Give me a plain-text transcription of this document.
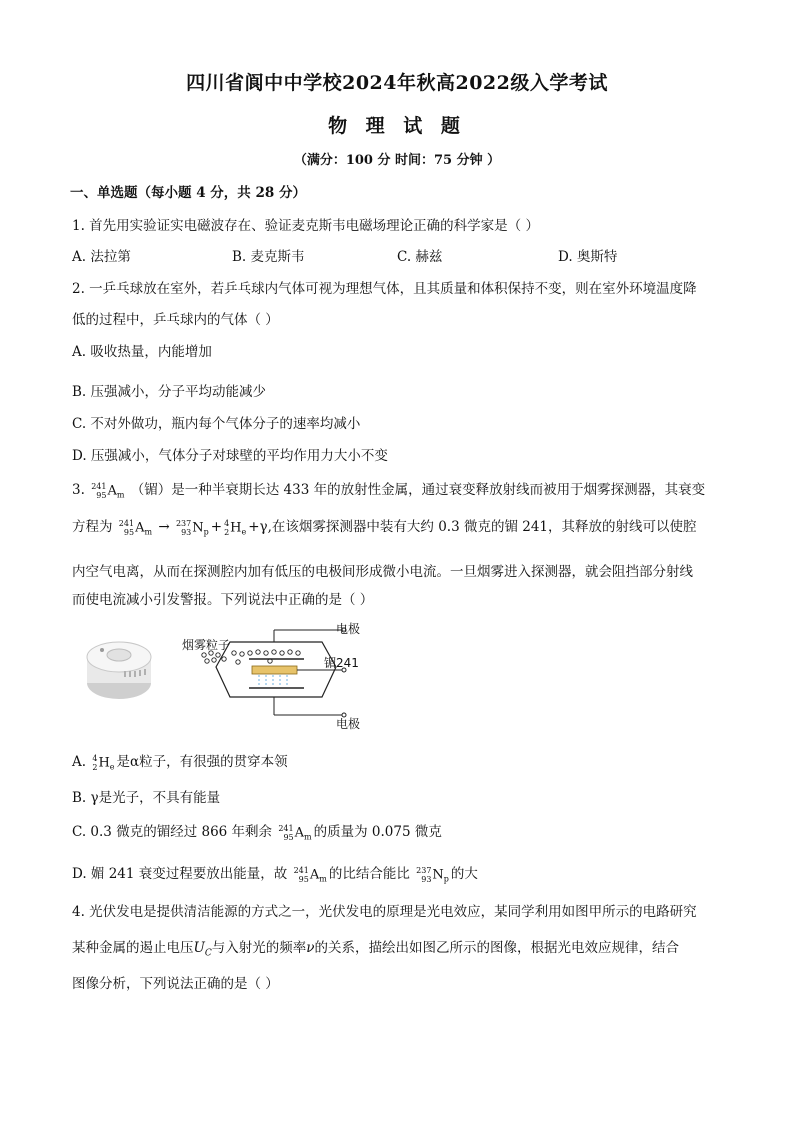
四川省阆中中学校2024年秋高2022级入学考试
物 理 试 题
（满分：100 分 时间：75 分钟 ）
一、单选题（每小题 4 分，共 28 分）
1. 首先用实验证实电磁波存在、验证麦克斯韦电磁场理论正确的科学家是（ ）
A. 法拉第	B. 麦克斯韦	C. 赫兹	D. 奥斯特
2. 一乒乓球放在室外，若乒乓球内气体可视为理想气体，且其质量和体积保持不变，则在室外环境温度降
低的过程中，乒乓球内的气体（ ）
A. 吸收热量，内能增加
B. 压强减小，分子平均动能减少
C. 不对外做功，瓶内每个气体分子的速率均减小
D. 压强减小，气体分子对球壁的平均作用力大小不变
3. 241
$95A_m$ （镅）是一种半衰期长达 433 年的放射性金属，通过衰变释放射线而被用于烟雾探测器，其衰变
方程为 241
$95A_m \to 237$
$93N_p + 4$
$2H_e +\gamma$,在该烟雾探测器中装有大约 0.3 微克的镅 241，其释放的射线可以使腔
内空气电离，从而在探测腔内加有低压的电极间形成微小电流。一旦烟雾进入探测器，就会阻挡部分射线
而使电流减小引发警报。下列说法中正确的是（ ）
烟雾粒子
电极
镅241
电极
A. 4
$2H_e$ 是α粒子，有很强的贯穿本领
B. γ是光子，不具有能量
C. 0.3 微克的镅经过 866 年剩余 241
$95A_m$ 的质量为 0.075 微克
D. 媚 241 衰变过程要放出能量，故 241
$95A_m$ 的比结合能比 237
$93N_p$ 的大
4. 光伏发电是提供清洁能源的方式之一，光伏发电的原理是光电效应，某同学利用如图甲所示的电路研究
某种金属的遏止电压$U_C$与入射光的频率ν的关系，描绘出如图乙所示的图像，根据光电效应规律，结合
图像分析，下列说法正确的是（ ）
